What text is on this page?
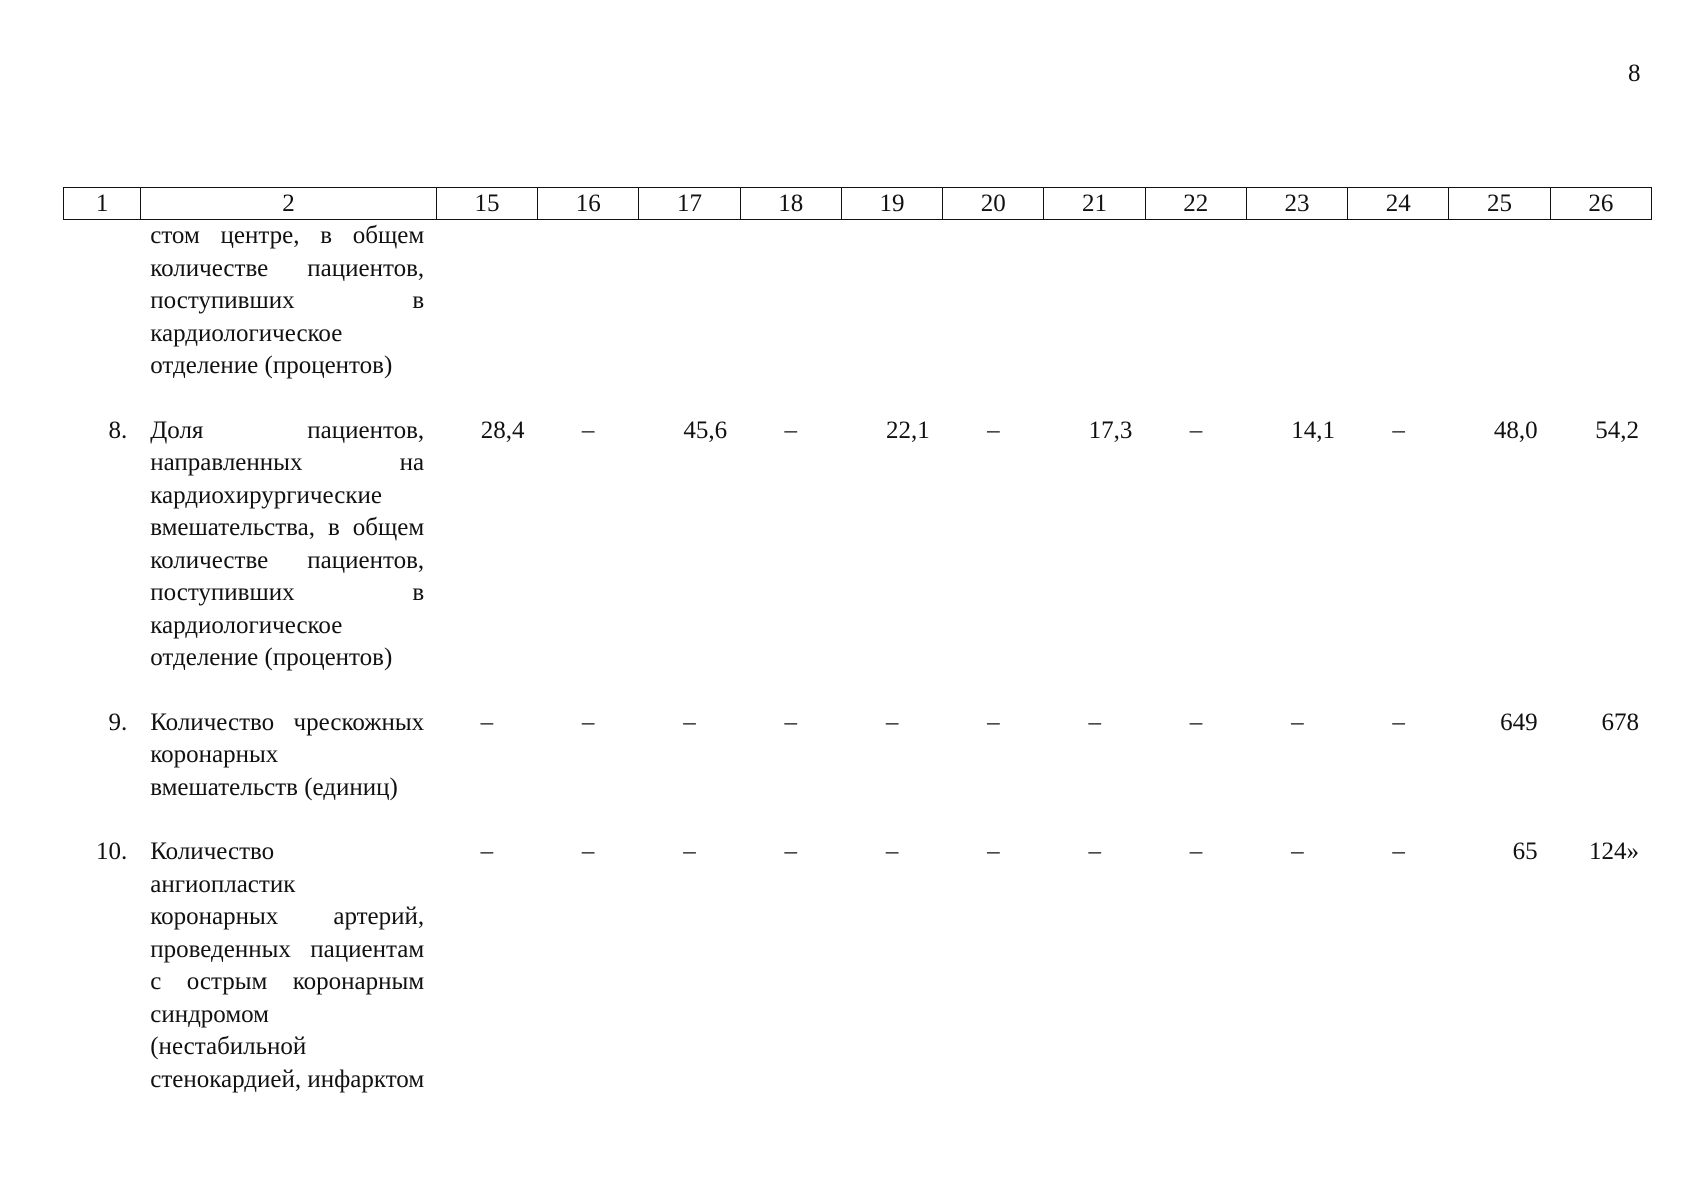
8
1	2	15	16	17	18	19	20	21	22	23	24	25	26

	стом центре, в общем количестве пациентов, поступивших в кардиологическое отделение (процентов)												

8.	Доля пациентов, направленных на кардиохирургические вмешательства, в общем количестве пациентов, поступивших в кардиологическое отделение (процентов)	28,4	–	45,6	–	22,1	–	17,3	–	14,1	–	48,0	54,2
9.	Количество чрескожных коронарных вмешательств (единиц)	–	–	–	–	–	–	–	–	–	–	649	678
10.	Количество ангиопластик коронарных артерий, проведенных пациентам с острым коронарным синдромом (нестабильной стенокардией, инфарктом	–	–	–	–	–	–	–	–	–	–	65	124»
